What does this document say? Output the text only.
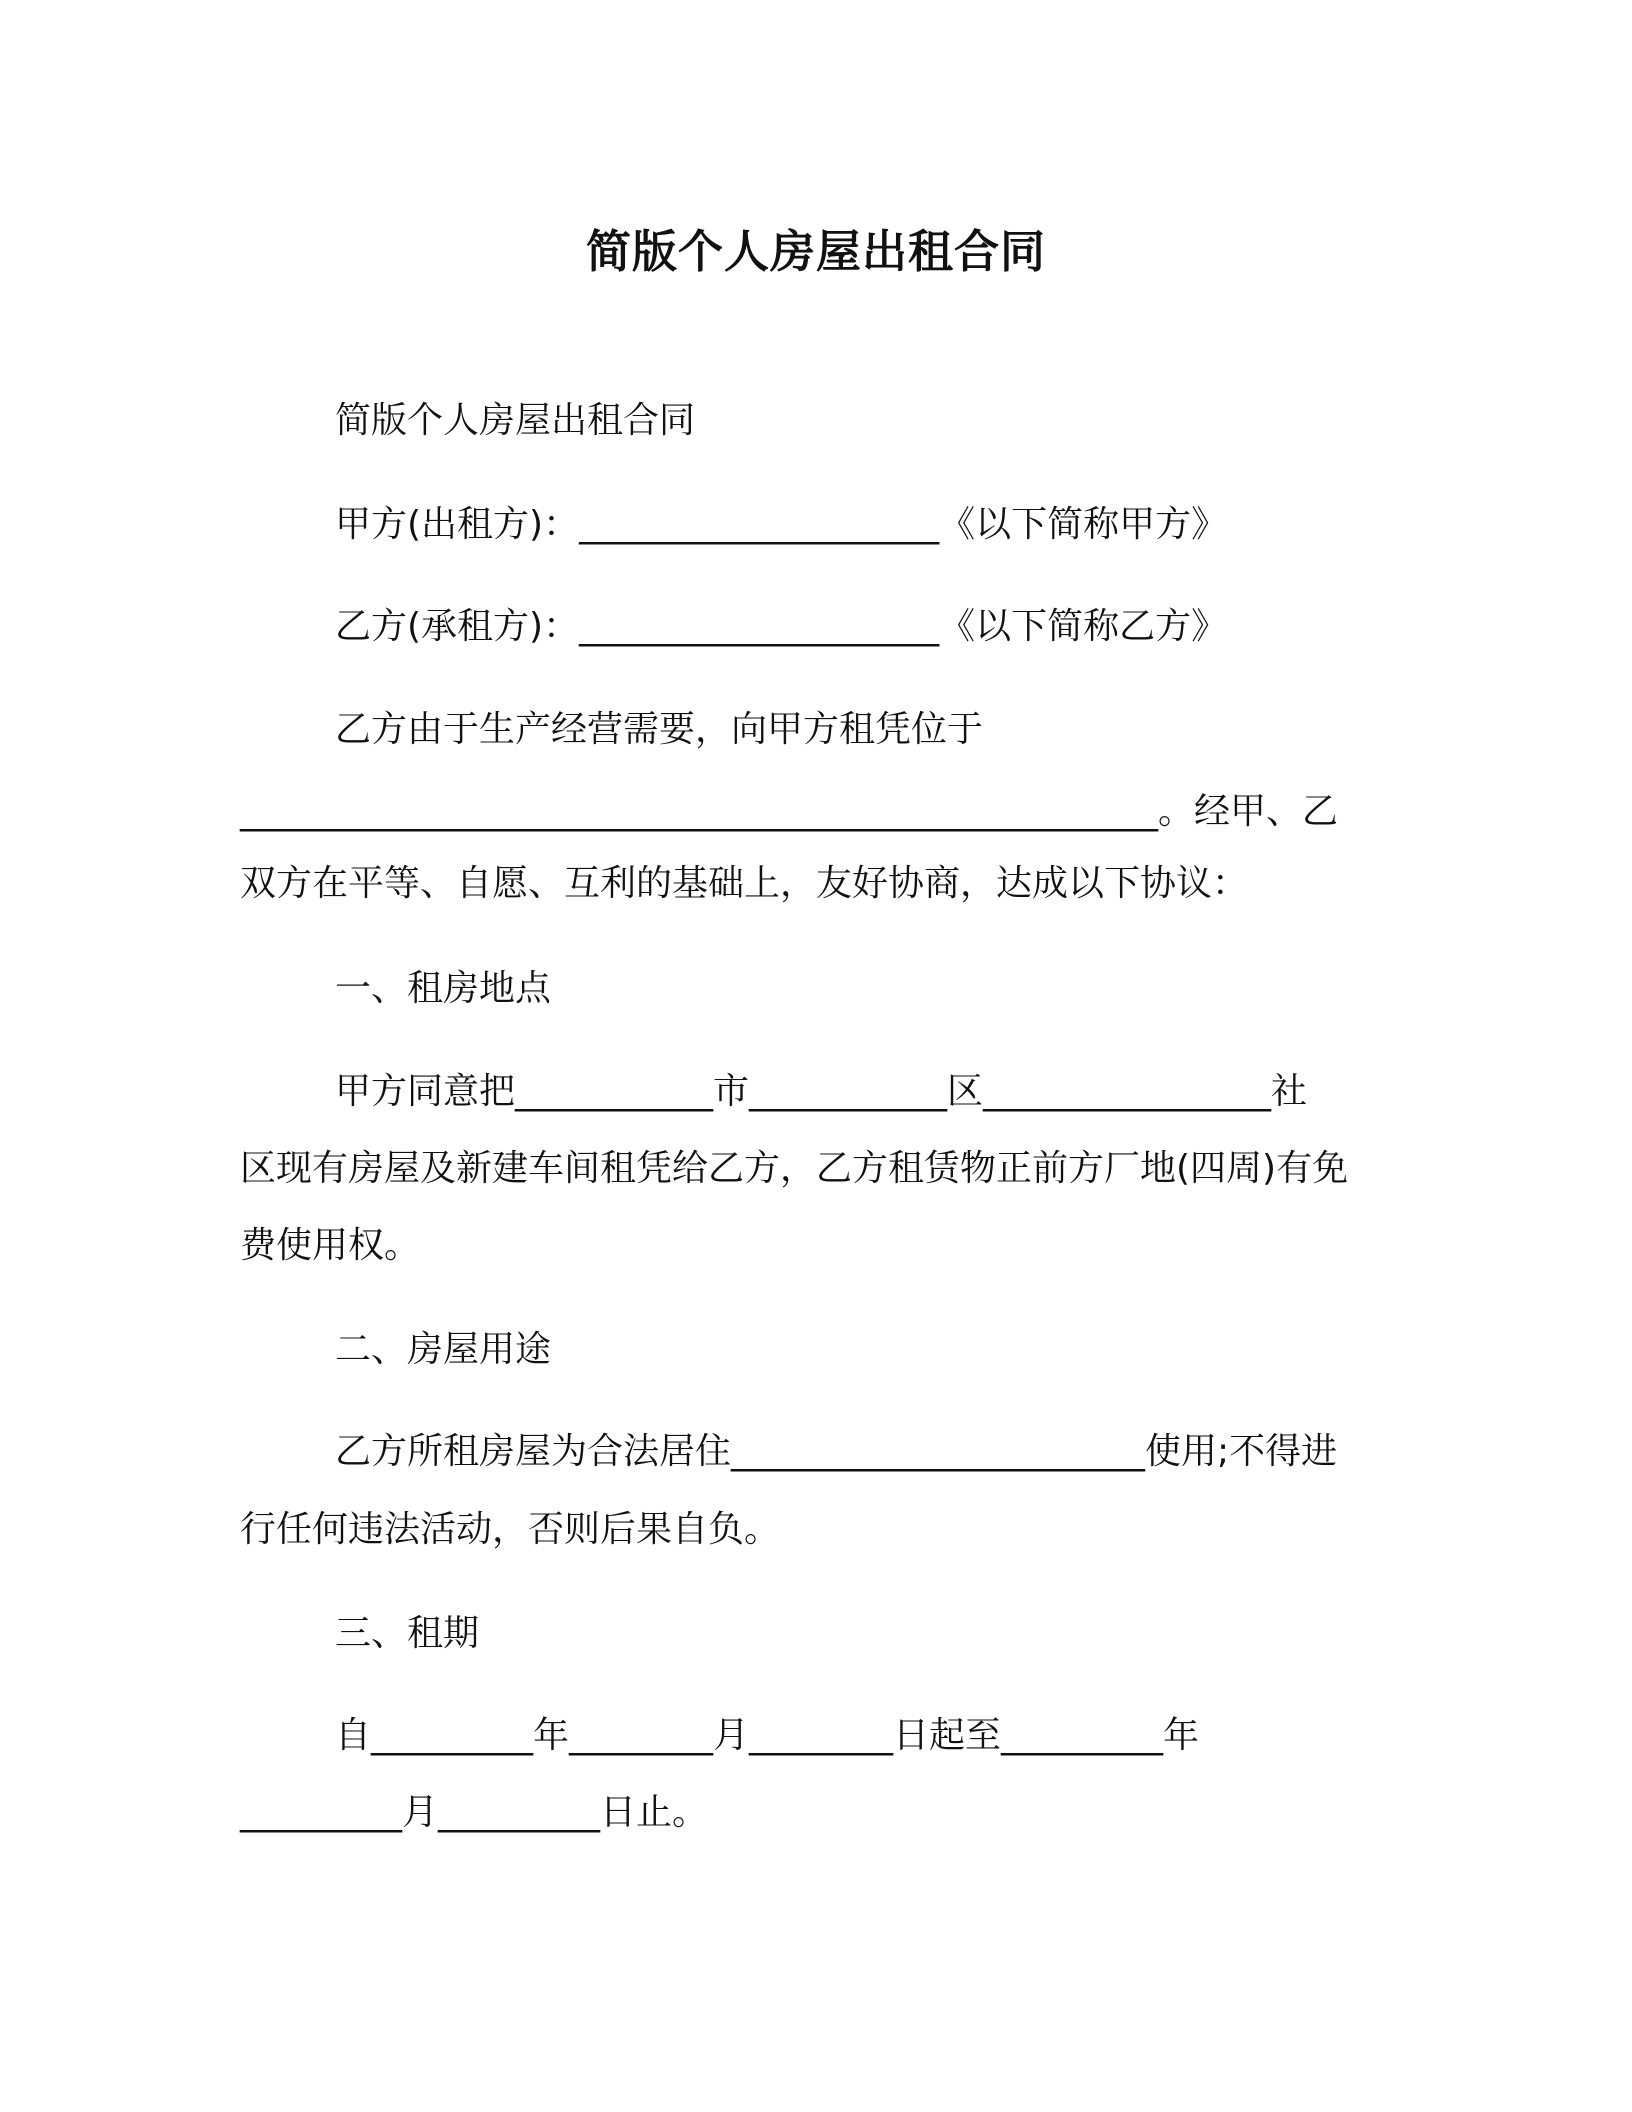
简版个人房屋出租合同
简版个人房屋出租合同
甲方(出租方)：____________________《以下简称甲方》
乙方(承租方)：____________________《以下简称乙方》
乙方由于生产经营需要，向甲方租凭位于
___________________________________________________。经甲、乙
双方在平等、自愿、互利的基础上，友好协商，达成以下协议：
一、租房地点
甲方同意把___________市___________区________________社
区现有房屋及新建车间租凭给乙方，乙方租赁物正前方厂地(四周)有免
费使用权。
二、房屋用途
乙方所租房屋为合法居住_______________________使用;不得进
行任何违法活动，否则后果自负。
三、租期
自_________年________月________日起至_________年
_________月_________日止。
